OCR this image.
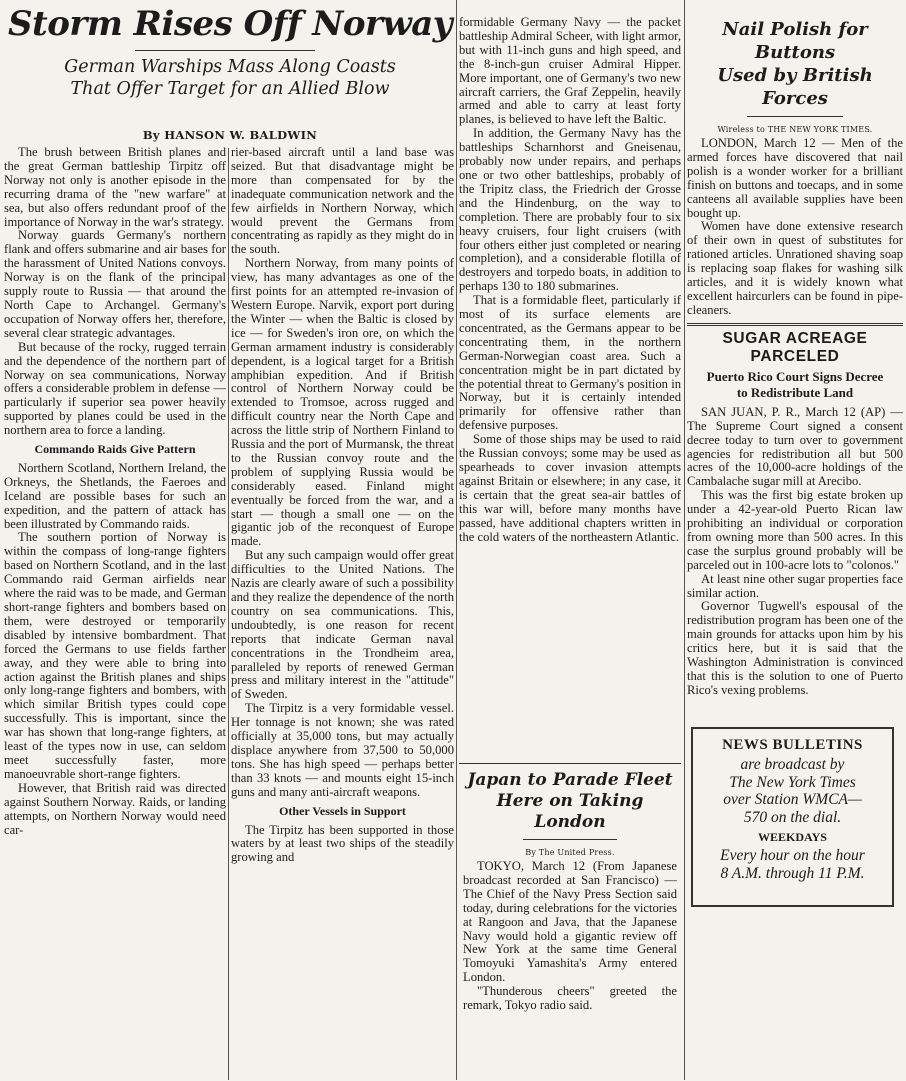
Storm Rises Off Norway
German Warships Mass Along Coasts
That Offer Target for an Allied Blow
By HANSON W. BALDWIN

The brush between British planes and the great German battleship Tirpitz off Norway not only is another episode in the recurring drama of the "new warfare" at sea, but also offers redundant proof of the importance of Norway in the war's strategy.

Norway guards Germany's northern flank and offers submarine and air bases for the harassment of United Nations convoys. Norway is on the flank of the principal supply route to Russia — that around the North Cape to Archangel. Germany's occupation of Norway offers her, therefore, several clear strategic advantages.

But because of the rocky, rugged terrain and the dependence of the northern part of Norway on sea communications, Norway offers a considerable problem in defense — particularly if superior sea power heavily supported by planes could be used in the northern area to force a landing.

Commando Raids Give Pattern

Northern Scotland, Northern Ireland, the Orkneys, the Shetlands, the Faeroes and Iceland are possible bases for such an expedition, and the pattern of attack has been illustrated by Commando raids.

The southern portion of Norway is within the compass of long-range fighters based on Northern Scotland, and in the last Commando raid German airfields near where the raid was to be made, and German short-range fighters and bombers based on them, were destroyed or temporarily disabled by intensive bombardment. That forced the Germans to use fields farther away, and they were able to bring into action against the British planes and ships only long-range fighters and bombers, with which similar British types could cope successfully. This is important, since the war has shown that long-range fighters, at least of the types now in use, can seldom meet successfully faster, more manoeuvrable short-range fighters.

However, that British raid was directed against Southern Norway. Raids, or landing attempts, on Northern Norway would need car-

rier-based aircraft until a land base was seized. But that disadvantage might be more than compensated for by the inadequate communication network and the few airfields in Northern Norway, which would prevent the Germans from concentrating as rapidly as they might do in the south.

Northern Norway, from many points of view, has many advantages as one of the first points for an attempted re-invasion of Western Europe. Narvik, export port during the Winter — when the Baltic is closed by ice — for Sweden's iron ore, on which the German armament industry is considerably dependent, is a logical target for a British amphibian expedition. And if British control of Northern Norway could be extended to Tromsoe, across rugged and difficult country near the North Cape and across the little strip of Northern Finland to Russia and the port of Murmansk, the threat to the Russian convoy route and the problem of supplying Russia would be considerably eased. Finland might eventually be forced from the war, and a start — though a small one — on the gigantic job of the reconquest of Europe made.

But any such campaign would offer great difficulties to the United Nations. The Nazis are clearly aware of such a possibility and they realize the dependence of the north country on sea communications. This, undoubtedly, is one reason for recent reports that indicate German naval concentrations in the Trondheim area, paralleled by reports of renewed German press and military interest in the "attitude" of Sweden.

The Tirpitz is a very formidable vessel. Her tonnage is not known; she was rated officially at 35,000 tons, but may actually displace anywhere from 37,500 to 50,000 tons. She has high speed — perhaps better than 33 knots — and mounts eight 15-inch guns and many anti-aircraft weapons.

Other Vessels in Support

The Tirpitz has been supported in those waters by at least two ships of the steadily growing and

formidable Germany Navy — the packet battleship Admiral Scheer, with light armor, but with 11-inch guns and high speed, and the 8-inch-gun cruiser Admiral Hipper. More important, one of Germany's two new aircraft carriers, the Graf Zeppelin, heavily armed and able to carry at least forty planes, is believed to have left the Baltic.

In addition, the Germany Navy has the battleships Scharnhorst and Gneisenau, probably now under repairs, and perhaps one or two other battleships, probably of the Tripitz class, the Friedrich der Grosse and the Hindenburg, on the way to completion. There are probably four to six heavy cruisers, four light cruisers (with four others either just completed or nearing completion), and a considerable flotilla of destroyers and torpedo boats, in addition to perhaps 130 to 180 submarines.

That is a formidable fleet, particularly if most of its surface elements are concentrated, as the Germans appear to be concentrating them, in the northern German-Norwegian coast area. Such a concentration might be in part dictated by the potential threat to Germany's position in Norway, but it is certainly intended primarily for offensive rather than defensive purposes.

Some of those ships may be used to raid the Russian convoys; some may be used as spearheads to cover invasion attempts against Britain or elsewhere; in any case, it is certain that the great sea-air battles of this war will, before many months have passed, have additional chapters written in the cold waters of the northeastern Atlantic.

Japan to Parade Fleet
Here on Taking London
By The United Press.

TOKYO, March 12 (From Japanese broadcast recorded at San Francisco) — The Chief of the Navy Press Section said today, during celebrations for the victories at Rangoon and Java, that the Japanese Navy would hold a gigantic review off New York at the same time General Tomoyuki Yamashita's Army entered London.

"Thunderous cheers" greeted the remark, Tokyo radio said.

Nail Polish for Buttons
Used by British Forces
Wireless to THE NEW YORK TIMES.

LONDON, March 12 — Men of the armed forces have discovered that nail polish is a wonder worker for a brilliant finish on buttons and toecaps, and in some canteens all available supplies have been bought up.

Women have done extensive research of their own in quest of substitutes for rationed articles. Unrationed shaving soap is replacing soap flakes for washing silk articles, and it is widely known what excellent haircurlers can be found in pipe-cleaners.

SUGAR ACREAGE PARCELED
Puerto Rico Court Signs Decree
to Redistribute Land

SAN JUAN, P. R., March 12 (AP) — The Supreme Court signed a consent decree today to turn over to government agencies for redistribution all but 500 acres of the 10,000-acre holdings of the Cambalache sugar mill at Arecibo.

This was the first big estate broken up under a 42-year-old Puerto Rican law prohibiting an individual or corporation from owning more than 500 acres. In this case the surplus ground probably will be parceled out in 100-acre lots to "colonos."

At least nine other sugar properties face similar action.

Governor Tugwell's espousal of the redistribution program has been one of the main grounds for attacks upon him by his critics here, but it is said that the Washington Administration is convinced that this is the solution to one of Puerto Rico's vexing problems.

NEWS BULLETINS
are broadcast by
The New York Times
over Station WMCA—
570 on the dial.
WEEKDAYS
Every hour on the hour
8 A.M. through 11 P.M.
